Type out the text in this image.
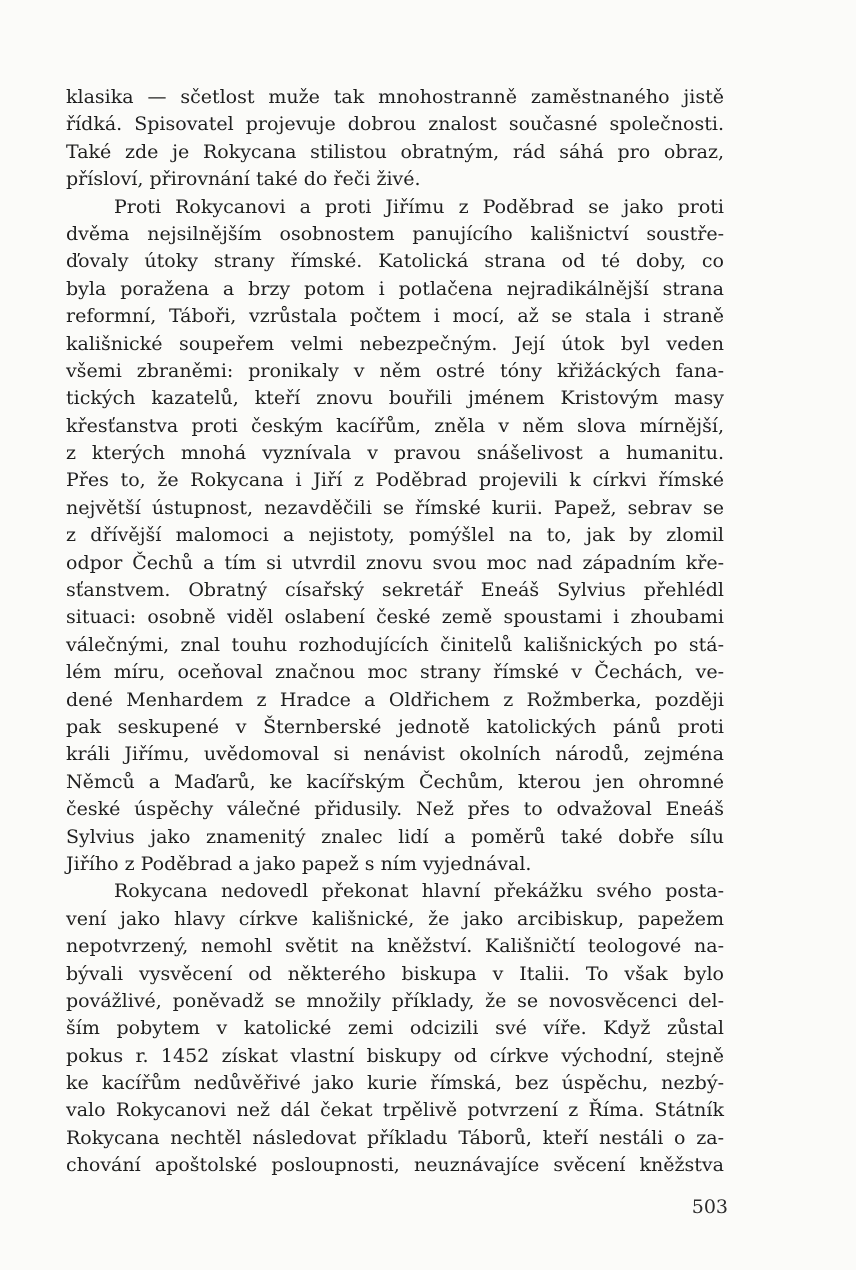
klasika — sčetlost muže tak mnohostranně zaměstnaného jistě
řídká. Spisovatel projevuje dobrou znalost současné společnosti.
Také zde je Rokycana stilistou obratným, rád sáhá pro obraz,
přísloví, přirovnání také do řeči živé.
Proti Rokycanovi a proti Jiřímu z Poděbrad se jako proti
dvěma nejsilnějším osobnostem panujícího kališnictví soustře-
ďovaly útoky strany římské. Katolická strana od té doby, co
byla poražena a brzy potom i potlačena nejradikálnější strana
reformní, Táboři, vzrůstala počtem i mocí, až se stala i straně
kališnické soupeřem velmi nebezpečným. Její útok byl veden
všemi zbraněmi: pronikaly v něm ostré tóny křižáckých fana-
tických kazatelů, kteří znovu bouřili jménem Kristovým masy
křesťanstva proti českým kacířům, zněla v něm slova mírnější,
z kterých mnohá vyznívala v pravou snášelivost a humanitu.
Přes to, že Rokycana i Jiří z Poděbrad projevili k církvi římské
největší ústupnost, nezavděčili se římské kurii. Papež, sebrav se
z dřívější malomoci a nejistoty, pomýšlel na to, jak by zlomil
odpor Čechů a tím si utvrdil znovu svou moc nad západním kře-
sťanstvem. Obratný císařský sekretář Eneáš Sylvius přehlédl
situaci: osobně viděl oslabení české země spoustami i zhoubami
válečnými, znal touhu rozhodujících činitelů kališnických po stá-
lém míru, oceňoval značnou moc strany římské v Čechách, ve-
dené Menhardem z Hradce a Oldřichem z Rožmberka, později
pak seskupené v Šternberské jednotě katolických pánů proti
králi Jiřímu, uvědomoval si nenávist okolních národů, zejména
Němců a Maďarů, ke kacířským Čechům, kterou jen ohromné
české úspěchy válečné přidusily. Než přes to odvažoval Eneáš
Sylvius jako znamenitý znalec lidí a poměrů také dobře sílu
Jiřího z Poděbrad a jako papež s ním vyjednával.
Rokycana nedovedl překonat hlavní překážku svého posta-
vení jako hlavy církve kališnické, že jako arcibiskup, papežem
nepotvrzený, nemohl světit na kněžství. Kališničtí teologové na-
bývali vysvěcení od některého biskupa v Italii. To však bylo
povážlivé, poněvadž se množily příklady, že se novosvěcenci del-
ším pobytem v katolické zemi odcizili své víře. Když zůstal
pokus r. 1452 získat vlastní biskupy od církve východní, stejně
ke kacířům nedůvěřivé jako kurie římská, bez úspěchu, nezbý-
valo Rokycanovi než dál čekat trpělivě potvrzení z Říma. Státník
Rokycana nechtěl následovat příkladu Táborů, kteří nestáli o za-
chování apoštolské posloupnosti, neuznávajíce svěcení kněžstva
503
